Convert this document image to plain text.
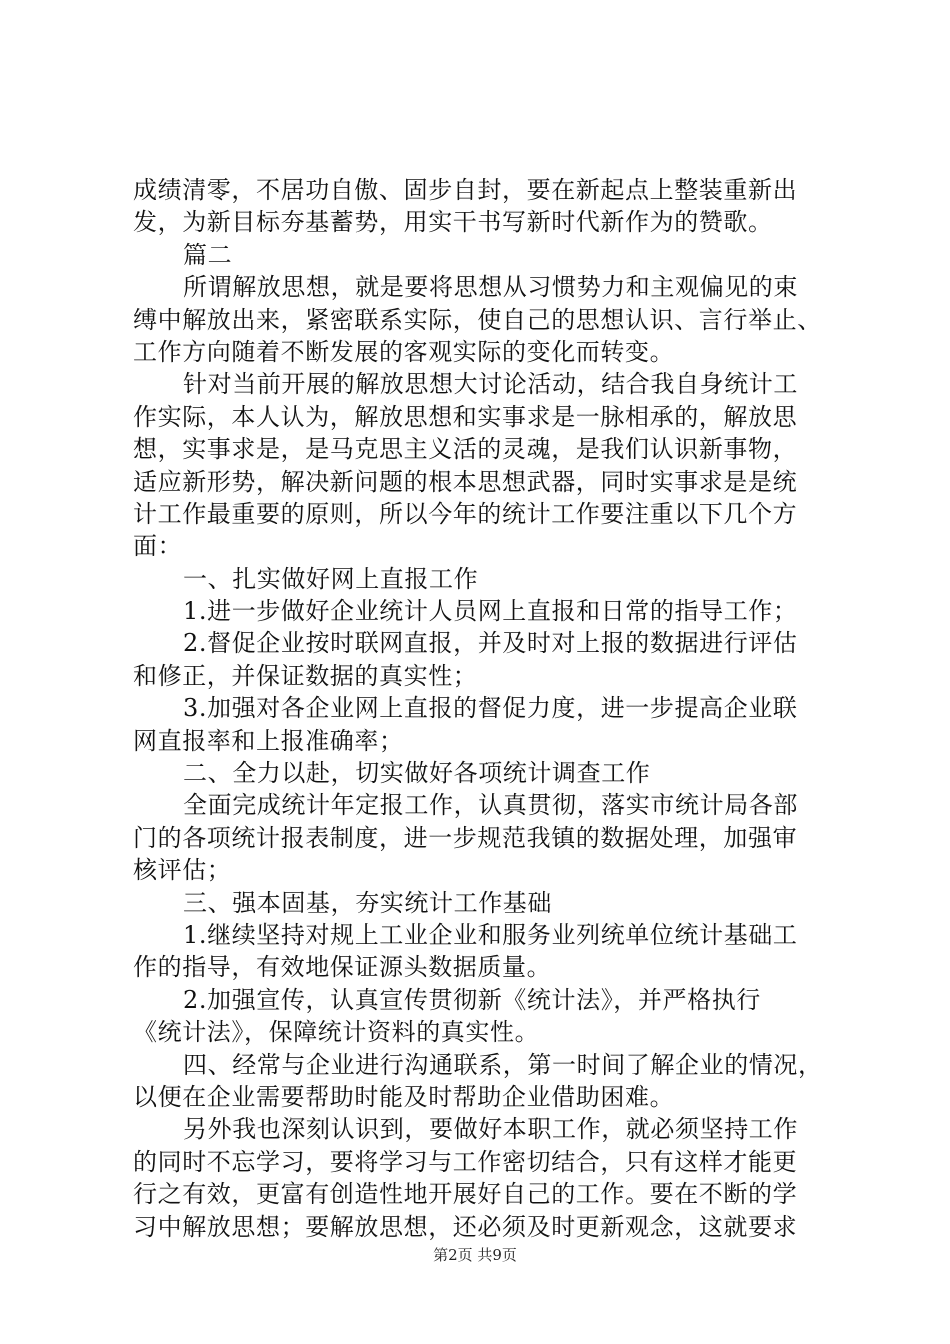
成绩清零，不居功自傲、固步自封，要在新起点上整装重新出
发，为新目标夯基蓄势，用实干书写新时代新作为的赞歌。
篇二
所谓解放思想，就是要将思想从习惯势力和主观偏见的束
缚中解放出来，紧密联系实际，使自己的思想认识、言行举止、
工作方向随着不断发展的客观实际的变化而转变。
针对当前开展的解放思想大讨论活动，结合我自身统计工
作实际，本人认为，解放思想和实事求是一脉相承的，解放思
想，实事求是，是马克思主义活的灵魂，是我们认识新事物，
适应新形势，解决新问题的根本思想武器，同时实事求是是统
计工作最重要的原则，所以今年的统计工作要注重以下几个方
面：
一、扎实做好网上直报工作
1.进一步做好企业统计人员网上直报和日常的指导工作；
2.督促企业按时联网直报，并及时对上报的数据进行评估
和修正，并保证数据的真实性；
3.加强对各企业网上直报的督促力度，进一步提高企业联
网直报率和上报准确率；
二、全力以赴，切实做好各项统计调查工作
全面完成统计年定报工作，认真贯彻，落实市统计局各部
门的各项统计报表制度，进一步规范我镇的数据处理，加强审
核评估；
三、强本固基，夯实统计工作基础
1.继续坚持对规上工业企业和服务业列统单位统计基础工
作的指导，有效地保证源头数据质量。
2.加强宣传，认真宣传贯彻新《统计法》，并严格执行
《统计法》，保障统计资料的真实性。
四、经常与企业进行沟通联系，第一时间了解企业的情况，
以便在企业需要帮助时能及时帮助企业借助困难。
另外我也深刻认识到，要做好本职工作，就必须坚持工作
的同时不忘学习，要将学习与工作密切结合，只有这样才能更
行之有效，更富有创造性地开展好自己的工作。要在不断的学
习中解放思想；要解放思想，还必须及时更新观念，这就要求
第2页 共9页
